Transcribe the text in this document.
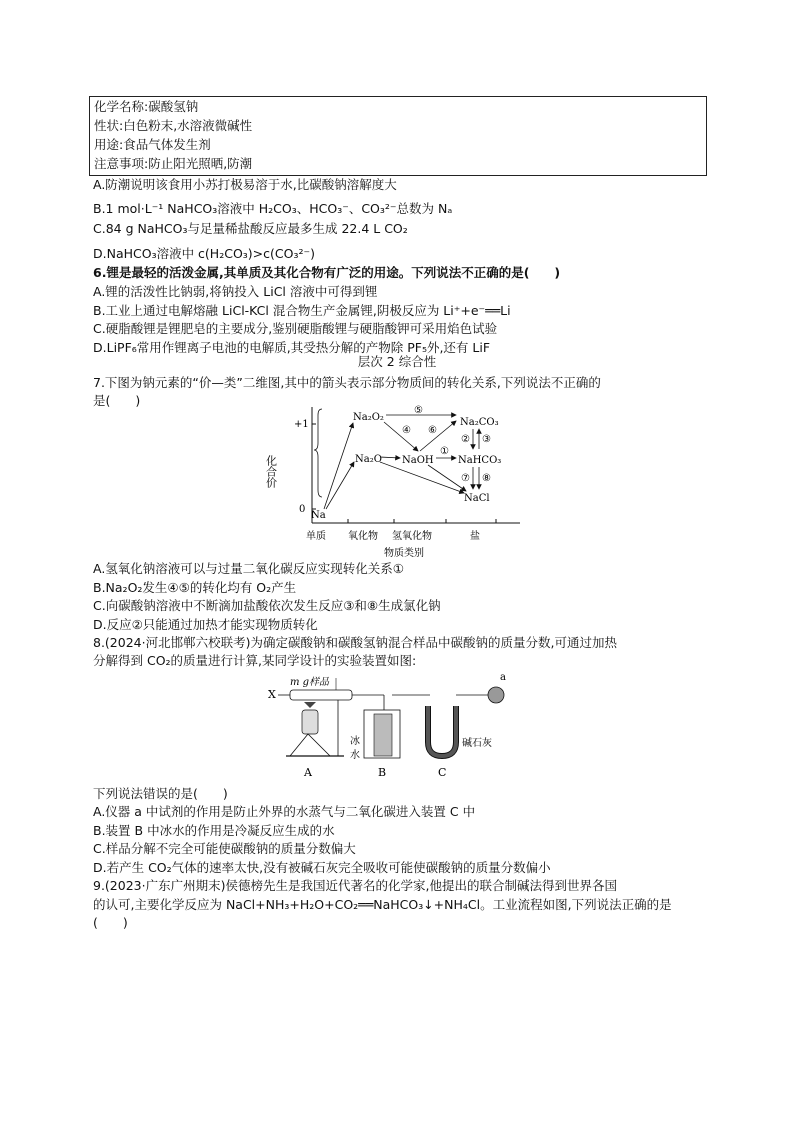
化学名称:碳酸氢钠
性状:白色粉末,水溶液微碱性
用途:食品气体发生剂
注意事项:防止阳光照晒,防潮
A.防潮说明该食用小苏打极易溶于水,比碳酸钠溶解度大
B.1 mol·L⁻¹ NaHCO₃溶液中 H₂CO₃、HCO₃⁻、CO₃²⁻总数为 Nₐ
C.84 g NaHCO₃与足量稀盐酸反应最多生成 22.4 L CO₂
D.NaHCO₃溶液中 c(H₂CO₃)>c(CO₃²⁻)
6.锂是最轻的活泼金属,其单质及其化合物有广泛的用途。下列说法不正确的是(　　)
A.锂的活泼性比钠弱,将钠投入 LiCl 溶液中可得到锂
B.工业上通过电解熔融 LiCl-KCl 混合物生产金属锂,阴极反应为 Li⁺+e⁻══Li
C.硬脂酸锂是锂肥皂的主要成分,鉴别硬脂酸锂与硬脂酸钾可采用焰色试验
D.LiPF₆常用作锂离子电池的电解质,其受热分解的产物除 PF₅外,还有 LiF
层次 2 综合性
7.下图为钠元素的“价—类”二维图,其中的箭头表示部分物质间的转化关系,下列说法不正确的
是(　　)
+1
0
化合价
Na
Na₂O₂
Na₂O NaOH
Na₂CO₃
NaHCO₃
NaCl
⑤
④ ⑥
①
② ③
⑦ ⑧
单质 氧化物 氢氧化物	盐
物质类别
A.氢氧化钠溶液可以与过量二氧化碳反应实现转化关系①
B.Na₂O₂发生④⑤的转化均有 O₂产生
C.向碳酸钠溶液中不断滴加盐酸依次发生反应③和⑧生成氯化钠
D.反应②只能通过加热才能实现物质转化
8.(2024·河北邯郸六校联考)为确定碳酸钠和碳酸氢钠混合样品中碳酸钠的质量分数,可通过加热
分解得到 CO₂的质量进行计算,某同学设计的实验装置如图:
X
m g样品
A
冰
水
B
碱石灰
C
a
下列说法错误的是(　　)
A.仪器 a 中试剂的作用是防止外界的水蒸气与二氧化碳进入装置 C 中
B.装置 B 中冰水的作用是冷凝反应生成的水
C.样品分解不完全可能使碳酸钠的质量分数偏大
D.若产生 CO₂气体的速率太快,没有被碱石灰完全吸收可能使碳酸钠的质量分数偏小
9.(2023·广东广州期末)侯德榜先生是我国近代著名的化学家,他提出的联合制碱法得到世界各国
的认可,主要化学反应为 NaCl+NH₃+H₂O+CO₂══NaHCO₃↓+NH₄Cl。工业流程如图,下列说法正确的是
(　　)
